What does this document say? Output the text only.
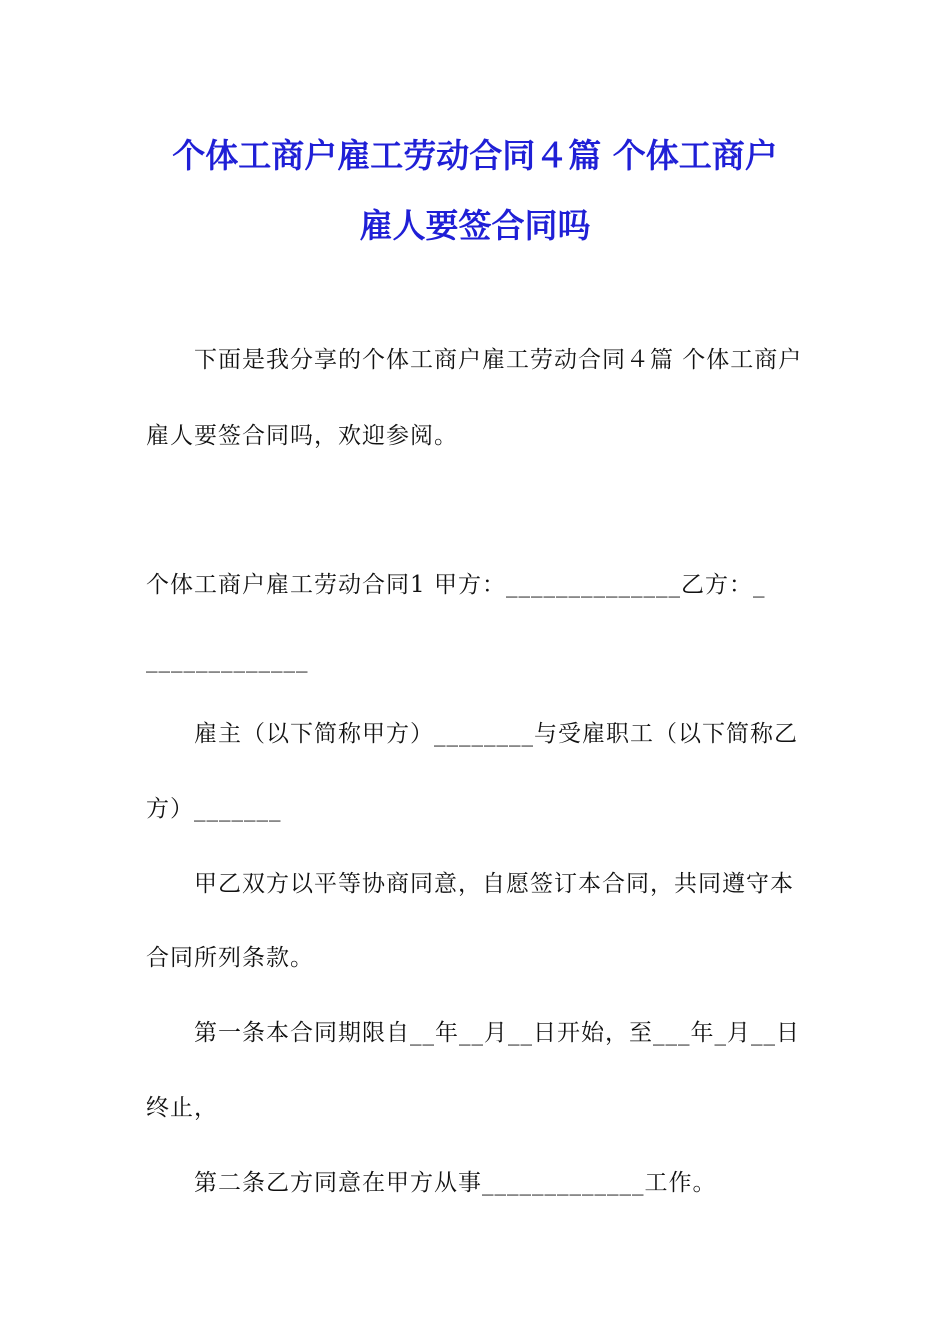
个体工商户雇工劳动合同４篇 个体工商户
雇人要签合同吗
下面是我分享的个体工商户雇工劳动合同４篇 个体工商户
雇人要签合同吗，欢迎参阅。
个体工商户雇工劳动合同1 甲方：______________乙方：_
_____________
雇主（以下简称甲方）________与受雇职工（以下简称乙
方）_______
甲乙双方以平等协商同意，自愿签订本合同，共同遵守本
合同所列条款。
第一条本合同期限自__年__月__日开始，至___年_月__日
终止，
第二条乙方同意在甲方从事_____________工作。
